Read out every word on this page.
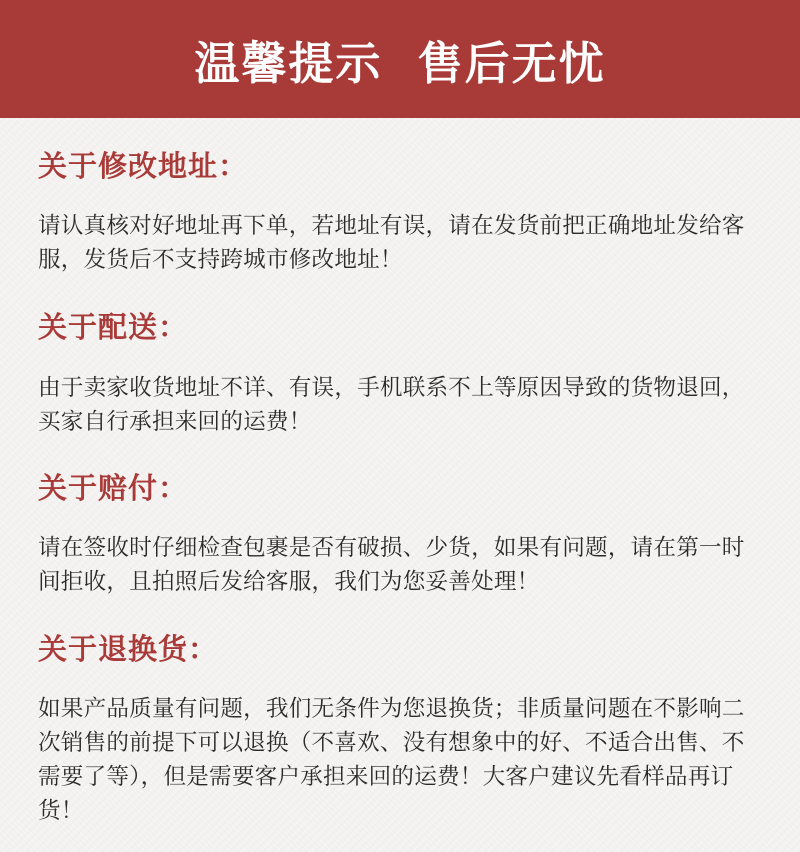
温馨提示  售后无忧
关于修改地址：
请认真核对好地址再下单，若地址有误，请在发货前把正确地址发给客服，发货后不支持跨城市修改地址！
关于配送：
由于卖家收货地址不详、有误，手机联系不上等原因导致的货物退回，买家自行承担来回的运费！
关于赔付：
请在签收时仔细检查包裹是否有破损、少货，如果有问题，请在第一时间拒收，且拍照后发给客服，我们为您妥善处理！
关于退换货：
如果产品质量有问题，我们无条件为您退换货；非质量问题在不影响二次销售的前提下可以退换（不喜欢、没有想象中的好、不适合出售、不需要了等），但是需要客户承担来回的运费！大客户建议先看样品再订货！
